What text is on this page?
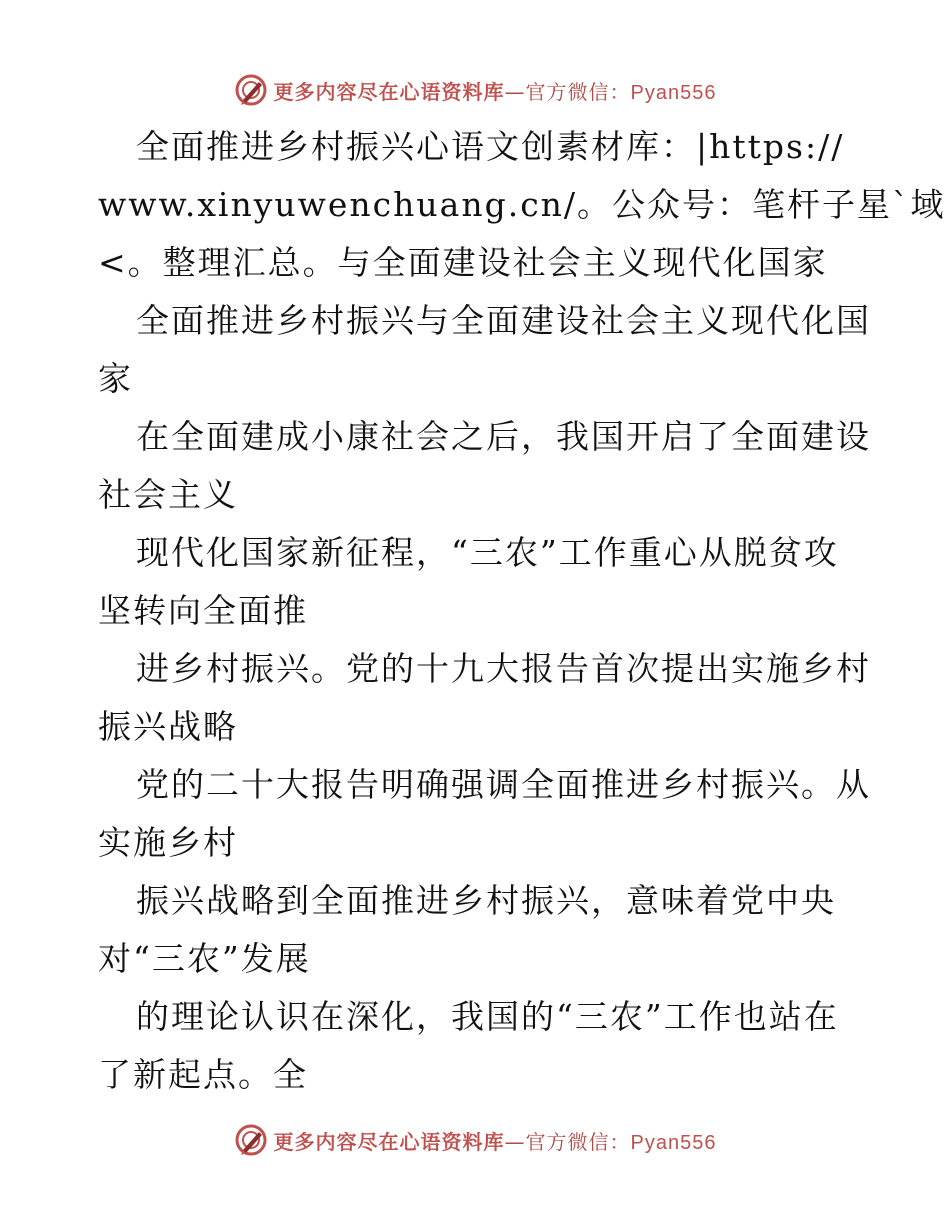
更多内容尽在心语资料库—官方微信：Pyan556
全面推进乡村振兴心语文创素材库：|https://
www.xinyuwenchuang.cn/。公众号：笔杆子星`域
<。整理汇总。与全面建设社会主义现代化国家
全面推进乡村振兴与全面建设社会主义现代化国
家
在全面建成小康社会之后，我国开启了全面建设
社会主义
现代化国家新征程，“三农”工作重心从脱贫攻
坚转向全面推
进乡村振兴。党的十九大报告首次提出实施乡村
振兴战略
党的二十大报告明确强调全面推进乡村振兴。从
实施乡村
振兴战略到全面推进乡村振兴，意味着党中央
对“三农”发展
的理论认识在深化，我国的“三农”工作也站在
了新起点。全
更多内容尽在心语资料库—官方微信：Pyan556
